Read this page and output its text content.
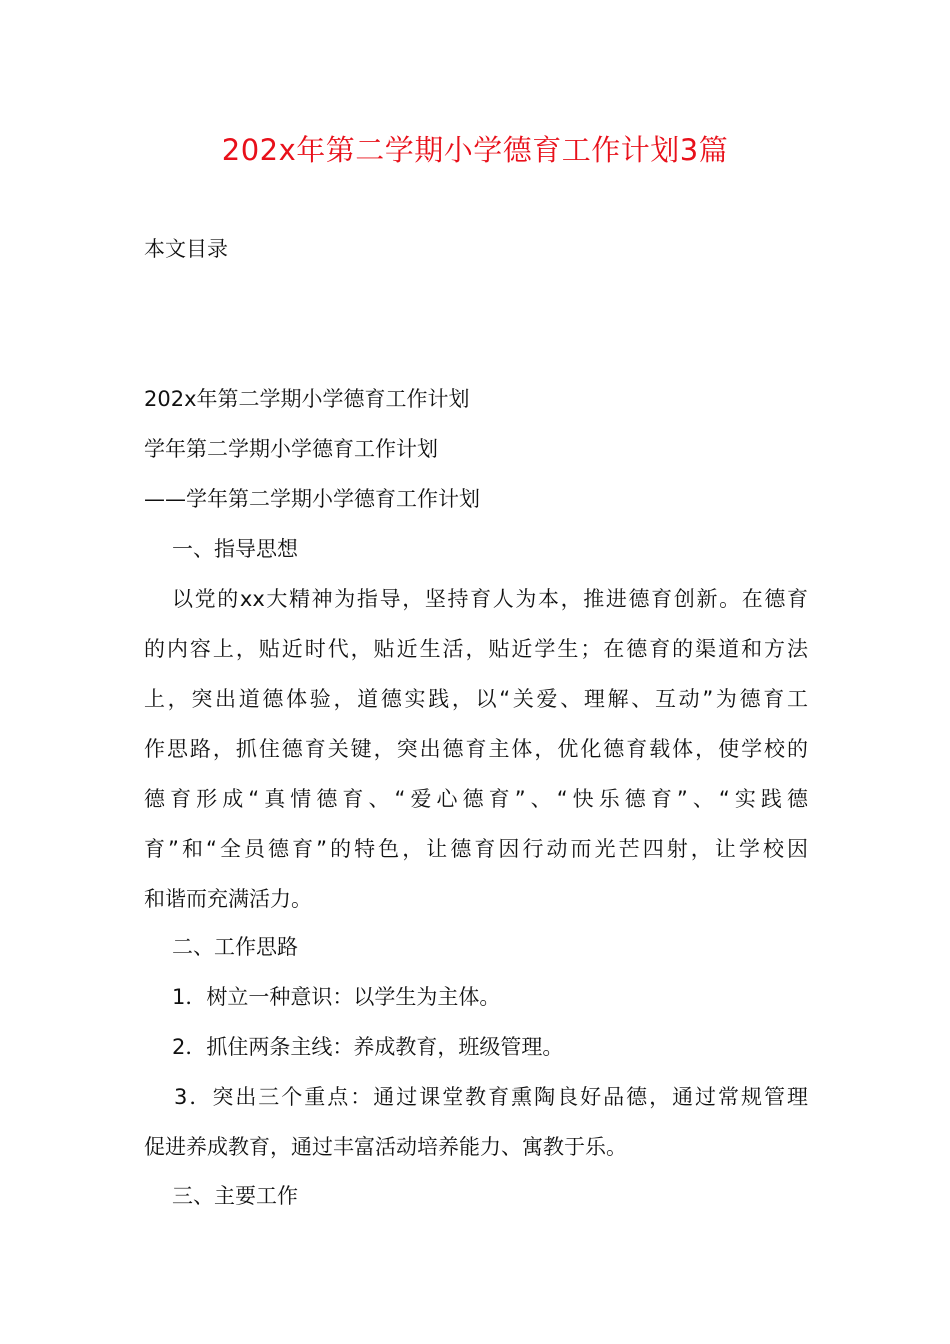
202x年第二学期小学德育工作计划3篇
本文目录
202x年第二学期小学德育工作计划
学年第二学期小学德育工作计划
——学年第二学期小学德育工作计划
一、指导思想
以党的xx大精神为指导，坚持育人为本，推进德育创新。在德育
的内容上，贴近时代，贴近生活，贴近学生；在德育的渠道和方法
上，突出道德体验，道德实践，以“关爱、理解、互动”为德育工
作思路，抓住德育关键，突出德育主体，优化德育载体，使学校的
德育形成“真情德育、“爱心德育”、“快乐德育”、“实践德
育”和“全员德育”的特色，让德育因行动而光芒四射，让学校因
和谐而充满活力。
二、工作思路
1．树立一种意识：以学生为主体。
2．抓住两条主线：养成教育，班级管理。
3．突出三个重点：通过课堂教育熏陶良好品德，通过常规管理
促进养成教育，通过丰富活动培养能力、寓教于乐。
三、主要工作
